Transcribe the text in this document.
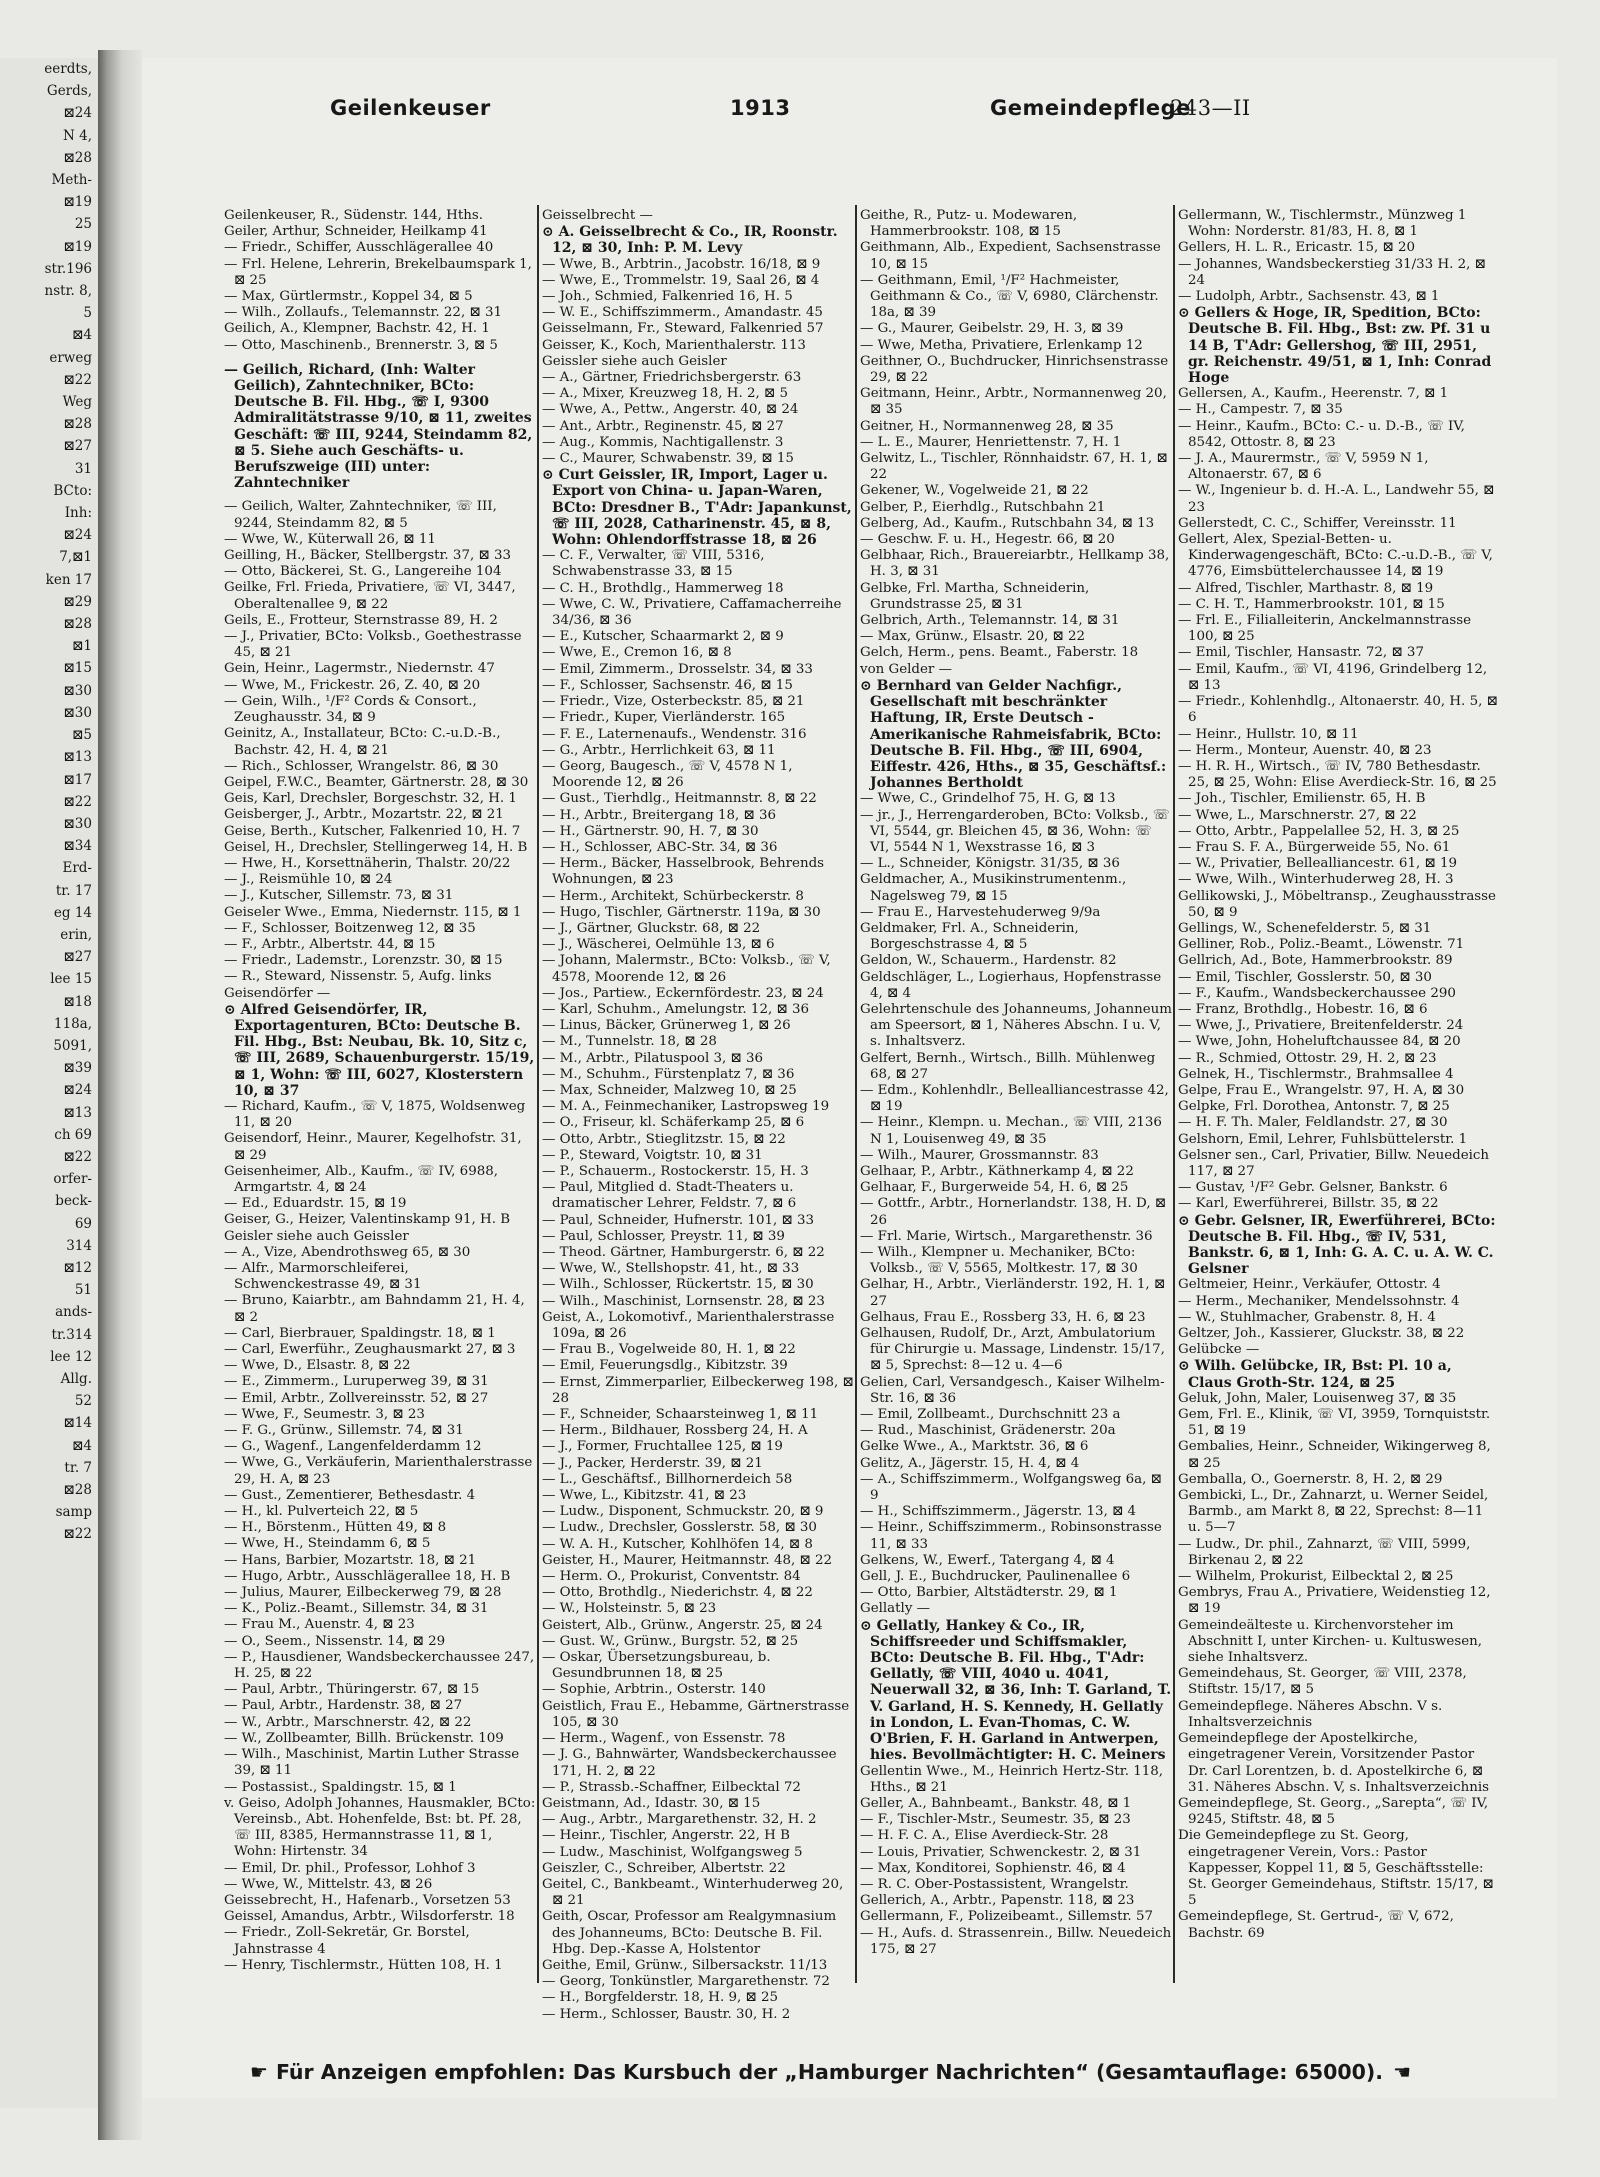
eerdts,
Gerds,
⊠24
N 4,
⊠28
Meth-
⊠19
25
⊠19
str.196
nstr. 8,
5
⊠4
erweg
⊠22
Weg
⊠28
⊠27
31
BCto:
Inh:
⊠24
7,⊠1
ken 17
⊠29
⊠28
⊠1
⊠15
⊠30
⊠30
⊠5
⊠13
⊠17
⊠22
⊠30
⊠34
Erd-
tr. 17
eg 14
erin,
⊠27
lee 15
⊠18
118a,
5091,
⊠39
⊠24
⊠13
ch 69
⊠22
orfer-
beck-
69
314
⊠12
51
ands-
tr.314
lee 12
Allg.
52
⊠14
⊠4
tr. 7
⊠28
samp
⊠22
Geilenkeuser	1913	Gemeindepflege
243—II
Geilenkeuser, R., Südenstr. 144, Hths.
Geiler, Arthur, Schneider, Heilkamp 41
— Friedr., Schiffer, Ausschlägerallee 40
— Frl. Helene, Lehrerin, Brekelbaumspark 1, ⊠ 25
— Max, Gürtlermstr., Koppel 34, ⊠ 5
— Wilh., Zollaufs., Telemannstr. 22, ⊠ 31
Geilich, A., Klempner, Bachstr. 42, H. 1
— Otto, Maschinenb., Brennerstr. 3, ⊠ 5
— Geilich, Richard, (Inh: Walter Geilich), Zahntechniker, BCto: Deutsche B. Fil. Hbg., ☏ I, 9300 Admiralitätstrasse 9/10, ⊠ 11, zweites Geschäft: ☏ III, 9244, Steindamm 82, ⊠ 5. Siehe auch Geschäfts- u. Berufszweige (III) unter: Zahntechniker
— Geilich, Walter, Zahntechniker, ☏ III, 9244, Steindamm 82, ⊠ 5
— Wwe, W., Küterwall 26, ⊠ 11
Geilling, H., Bäcker, Stellbergstr. 37, ⊠ 33
— Otto, Bäckerei, St. G., Langereihe 104
Geilke, Frl. Frieda, Privatiere, ☏ VI, 3447, Oberaltenallee 9, ⊠ 22
Geils, E., Frotteur, Sternstrasse 89, H. 2
— J., Privatier, BCto: Volksb., Goethestrasse 45, ⊠ 21
Gein, Heinr., Lagermstr., Niedernstr. 47
— Wwe, M., Frickestr. 26, Z. 40, ⊠ 20
— Gein, Wilh., ¹/F² Cords & Consort., Zeughausstr. 34, ⊠ 9
Geinitz, A., Installateur, BCto: C.-u.D.-B., Bachstr. 42, H. 4, ⊠ 21
— Rich., Schlosser, Wrangelstr. 86, ⊠ 30
Geipel, F.W.C., Beamter, Gärtnerstr. 28, ⊠ 30
Geis, Karl, Drechsler, Borgeschstr. 32, H. 1
Geisberger, J., Arbtr., Mozartstr. 22, ⊠ 21
Geise, Berth., Kutscher, Falkenried 10, H. 7
Geisel, H., Drechsler, Stellingerweg 14, H. B
— Hwe, H., Korsettnäherin, Thalstr. 20/22
— J., Reismühle 10, ⊠ 24
— J., Kutscher, Sillemstr. 73, ⊠ 31
Geiseler Wwe., Emma, Niedernstr. 115, ⊠ 1
— F., Schlosser, Boitzenweg 12, ⊠ 35
— F., Arbtr., Albertstr. 44, ⊠ 15
— Friedr., Lademstr., Lorenzstr. 30, ⊠ 15
— R., Steward, Nissenstr. 5, Aufg. links
Geisendörfer —
⊙ Alfred Geisendörfer, IR, Exportagenturen, BCto: Deutsche B. Fil. Hbg., Bst: Neubau, Bk. 10, Sitz c, ☏ III, 2689, Schauenburgerstr. 15/19, ⊠ 1, Wohn: ☏ III, 6027, Klosterstern 10, ⊠ 37
— Richard, Kaufm., ☏ V, 1875, Woldsenweg 11, ⊠ 20
Geisendorf, Heinr., Maurer, Kegelhofstr. 31, ⊠ 29
Geisenheimer, Alb., Kaufm., ☏ IV, 6988, Armgartstr. 4, ⊠ 24
— Ed., Eduardstr. 15, ⊠ 19
Geiser, G., Heizer, Valentinskamp 91, H. B
Geisler siehe auch Geissler
— A., Vize, Abendrothsweg 65, ⊠ 30
— Alfr., Marmorschleiferei, Schwenckestrasse 49, ⊠ 31
— Bruno, Kaiarbtr., am Bahndamm 21, H. 4, ⊠ 2
— Carl, Bierbrauer, Spaldingstr. 18, ⊠ 1
— Carl, Ewerführ., Zeughausmarkt 27, ⊠ 3
— Wwe, D., Elsastr. 8, ⊠ 22
— E., Zimmerm., Luruperweg 39, ⊠ 31
— Emil, Arbtr., Zollvereinsstr. 52, ⊠ 27
— Wwe, F., Seumestr. 3, ⊠ 23
— F. G., Grünw., Sillemstr. 74, ⊠ 31
— G., Wagenf., Langenfelderdamm 12
— Wwe, G., Verkäuferin, Marienthalerstrasse 29, H. A, ⊠ 23
— Gust., Zementierer, Bethesdastr. 4
— H., kl. Pulverteich 22, ⊠ 5
— H., Börstenm., Hütten 49, ⊠ 8
— Wwe, H., Steindamm 6, ⊠ 5
— Hans, Barbier, Mozartstr. 18, ⊠ 21
— Hugo, Arbtr., Ausschlägerallee 18, H. B
— Julius, Maurer, Eilbeckerweg 79, ⊠ 28
— K., Poliz.-Beamt., Sillemstr. 34, ⊠ 31
— Frau M., Auenstr. 4, ⊠ 23
— O., Seem., Nissenstr. 14, ⊠ 29
— P., Hausdiener, Wandsbeckerchaussee 247, H. 25, ⊠ 22
— Paul, Arbtr., Thüringerstr. 67, ⊠ 15
— Paul, Arbtr., Hardenstr. 38, ⊠ 27
— W., Arbtr., Marschnerstr. 42, ⊠ 22
— W., Zollbeamter, Billh. Brückenstr. 109
— Wilh., Maschinist, Martin Luther Strasse 39, ⊠ 11
— Postassist., Spaldingstr. 15, ⊠ 1
v. Geiso, Adolph Johannes, Hausmakler, BCto: Vereinsb., Abt. Hohenfelde, Bst: bt. Pf. 28, ☏ III, 8385, Hermannstrasse 11, ⊠ 1, Wohn: Hirtenstr. 34
— Emil, Dr. phil., Professor, Lohhof 3
— Wwe, W., Mittelstr. 43, ⊠ 26
Geissebrecht, H., Hafenarb., Vorsetzen 53
Geissel, Amandus, Arbtr., Wilsdorferstr. 18
— Friedr., Zoll-Sekretär, Gr. Borstel, Jahnstrasse 4
— Henry, Tischlermstr., Hütten 108, H. 1
Geisselbrecht —
⊙ A. Geisselbrecht & Co., IR, Roonstr. 12, ⊠ 30, Inh: P. M. Levy
— Wwe, B., Arbtrin., Jacobstr. 16/18, ⊠ 9
— Wwe, E., Trommelstr. 19, Saal 26, ⊠ 4
— Joh., Schmied, Falkenried 16, H. 5
— W. E., Schiffszimmerm., Amandastr. 45
Geisselmann, Fr., Steward, Falkenried 57
Geisser, K., Koch, Marienthalerstr. 113
Geissler siehe auch Geisler
— A., Gärtner, Friedrichsbergerstr. 63
— A., Mixer, Kreuzweg 18, H. 2, ⊠ 5
— Wwe, A., Pettw., Angerstr. 40, ⊠ 24
— Ant., Arbtr., Reginenstr. 45, ⊠ 27
— Aug., Kommis, Nachtigallenstr. 3
— C., Maurer, Schwabenstr. 39, ⊠ 15
⊙ Curt Geissler, IR, Import, Lager u. Export von China- u. Japan-Waren, BCto: Dresdner B., T'Adr: Japankunst, ☏ III, 2028, Catharinenstr. 45, ⊠ 8, Wohn: Ohlendorffstrasse 18, ⊠ 26
— C. F., Verwalter, ☏ VIII, 5316, Schwabenstrasse 33, ⊠ 15
— C. H., Brothdlg., Hammerweg 18
— Wwe, C. W., Privatiere, Caffamacherreihe 34/36, ⊠ 36
— E., Kutscher, Schaarmarkt 2, ⊠ 9
— Wwe, E., Cremon 16, ⊠ 8
— Emil, Zimmerm., Drosselstr. 34, ⊠ 33
— F., Schlosser, Sachsenstr. 46, ⊠ 15
— Friedr., Vize, Osterbeckstr. 85, ⊠ 21
— Friedr., Kuper, Vierländerstr. 165
— F. E., Laternenaufs., Wendenstr. 316
— G., Arbtr., Herrlichkeit 63, ⊠ 11
— Georg, Baugesch., ☏ V, 4578 N 1, Moorende 12, ⊠ 26
— Gust., Tierhdlg., Heitmannstr. 8, ⊠ 22
— H., Arbtr., Breitergang 18, ⊠ 36
— H., Gärtnerstr. 90, H. 7, ⊠ 30
— H., Schlosser, ABC-Str. 34, ⊠ 36
— Herm., Bäcker, Hasselbrook, Behrends Wohnungen, ⊠ 23
— Herm., Architekt, Schürbeckerstr. 8
— Hugo, Tischler, Gärtnerstr. 119a, ⊠ 30
— J., Gärtner, Gluckstr. 68, ⊠ 22
— J., Wäscherei, Oelmühle 13, ⊠ 6
— Johann, Malermstr., BCto: Volksb., ☏ V, 4578, Moorende 12, ⊠ 26
— Jos., Partiew., Eckernfördestr. 23, ⊠ 24
— Karl, Schuhm., Amelungstr. 12, ⊠ 36
— Linus, Bäcker, Grünerweg 1, ⊠ 26
— M., Tunnelstr. 18, ⊠ 28
— M., Arbtr., Pilatuspool 3, ⊠ 36
— M., Schuhm., Fürstenplatz 7, ⊠ 36
— Max, Schneider, Malzweg 10, ⊠ 25
— M. A., Feinmechaniker, Lastropsweg 19
— O., Friseur, kl. Schäferkamp 25, ⊠ 6
— Otto, Arbtr., Stieglitzstr. 15, ⊠ 22
— P., Steward, Voigtstr. 10, ⊠ 31
— P., Schauerm., Rostockerstr. 15, H. 3
— Paul, Mitglied d. Stadt-Theaters u. dramatischer Lehrer, Feldstr. 7, ⊠ 6
— Paul, Schneider, Hufnerstr. 101, ⊠ 33
— Paul, Schlosser, Preystr. 11, ⊠ 39
— Theod. Gärtner, Hamburgerstr. 6, ⊠ 22
— Wwe, W., Stellshopstr. 41, ht., ⊠ 33
— Wilh., Schlosser, Rückertstr. 15, ⊠ 30
— Wilh., Maschinist, Lornsenstr. 28, ⊠ 23
Geist, A., Lokomotivf., Marienthalerstrasse 109a, ⊠ 26
— Frau B., Vogelweide 80, H. 1, ⊠ 22
— Emil, Feuerungsdlg., Kibitzstr. 39
— Ernst, Zimmerparlier, Eilbeckerweg 198, ⊠ 28
— F., Schneider, Schaarsteinweg 1, ⊠ 11
— Herm., Bildhauer, Rossberg 24, H. A
— J., Former, Fruchtallee 125, ⊠ 19
— J., Packer, Herderstr. 39, ⊠ 21
— L., Geschäftsf., Billhornerdeich 58
— Wwe, L., Kibitzstr. 41, ⊠ 23
— Ludw., Disponent, Schmuckstr. 20, ⊠ 9
— Ludw., Drechsler, Gosslerstr. 58, ⊠ 30
— W. A. H., Kutscher, Kohlhöfen 14, ⊠ 8
Geister, H., Maurer, Heitmannstr. 48, ⊠ 22
— Herm. O., Prokurist, Conventstr. 84
— Otto, Brothdlg., Niederichstr. 4, ⊠ 22
— W., Holsteinstr. 5, ⊠ 23
Geistert, Alb., Grünw., Angerstr. 25, ⊠ 24
— Gust. W., Grünw., Burgstr. 52, ⊠ 25
— Oskar, Übersetzungsbureau, b. Gesundbrunnen 18, ⊠ 25
— Sophie, Arbtrin., Osterstr. 140
Geistlich, Frau E., Hebamme, Gärtnerstrasse 105, ⊠ 30
— Herm., Wagenf., von Essenstr. 78
— J. G., Bahnwärter, Wandsbeckerchaussee 171, H. 2, ⊠ 22
— P., Strassb.-Schaffner, Eilbecktal 72
Geistmann, Ad., Idastr. 30, ⊠ 15
— Aug., Arbtr., Margarethenstr. 32, H. 2
— Heinr., Tischler, Angerstr. 22, H B
— Ludw., Maschinist, Wolfgangsweg 5
Geiszler, C., Schreiber, Albertstr. 22
Geitel, C., Bankbeamt., Winterhuderweg 20, ⊠ 21
Geith, Oscar, Professor am Realgymnasium des Johanneums, BCto: Deutsche B. Fil. Hbg. Dep.-Kasse A, Holstentor
Geithe, Emil, Grünw., Silbersackstr. 11/13
— Georg, Tonkünstler, Margarethenstr. 72
— H., Borgfelderstr. 18, H. 9, ⊠ 25
— Herm., Schlosser, Baustr. 30, H. 2
Geithe, R., Putz- u. Modewaren, Hammerbrookstr. 108, ⊠ 15
Geithmann, Alb., Expedient, Sachsenstrasse 10, ⊠ 15
— Geithmann, Emil, ¹/F² Hachmeister, Geithmann & Co., ☏ V, 6980, Clärchenstr. 18a, ⊠ 39
— G., Maurer, Geibelstr. 29, H. 3, ⊠ 39
— Wwe, Metha, Privatiere, Erlenkamp 12
Geithner, O., Buchdrucker, Hinrichsenstrasse 29, ⊠ 22
Geitmann, Heinr., Arbtr., Normannenweg 20, ⊠ 35
Geitner, H., Normannenweg 28, ⊠ 35
— L. E., Maurer, Henriettenstr. 7, H. 1
Gelwitz, L., Tischler, Rönnhaidstr. 67, H. 1, ⊠ 22
Gekener, W., Vogelweide 21, ⊠ 22
Gelber, P., Eierhdlg., Rutschbahn 21
Gelberg, Ad., Kaufm., Rutschbahn 34, ⊠ 13
— Geschw. F. u. H., Hegestr. 66, ⊠ 20
Gelbhaar, Rich., Brauereiarbtr., Hellkamp 38, H. 3, ⊠ 31
Gelbke, Frl. Martha, Schneiderin, Grundstrasse 25, ⊠ 31
Gelbrich, Arth., Telemannstr. 14, ⊠ 31
— Max, Grünw., Elsastr. 20, ⊠ 22
Gelch, Herm., pens. Beamt., Faberstr. 18
von Gelder —
⊙ Bernhard van Gelder Nachfigr., Gesellschaft mit beschränkter Haftung, IR, Erste Deutsch - Amerikanische Rahmeisfabrik, BCto: Deutsche B. Fil. Hbg., ☏ III, 6904, Eiffestr. 426, Hths., ⊠ 35, Geschäftsf.: Johannes Bertholdt
— Wwe, C., Grindelhof 75, H. G, ⊠ 13
— jr., J., Herrengarderoben, BCto: Volksb., ☏ VI, 5544, gr. Bleichen 45, ⊠ 36, Wohn: ☏ VI, 5544 N 1, Wexstrasse 16, ⊠ 3
— L., Schneider, Königstr. 31/35, ⊠ 36
Geldmacher, A., Musikinstrumentenm., Nagelsweg 79, ⊠ 15
— Frau E., Harvestehuderweg 9/9a
Geldmaker, Frl. A., Schneiderin, Borgeschstrasse 4, ⊠ 5
Geldon, W., Schauerm., Hardenstr. 82
Geldschläger, L., Logierhaus, Hopfenstrasse 4, ⊠ 4
Gelehrtenschule des Johanneums, Johanneum am Speersort, ⊠ 1, Näheres Abschn. I u. V, s. Inhaltsverz.
Gelfert, Bernh., Wirtsch., Billh. Mühlenweg 68, ⊠ 27
— Edm., Kohlenhdlr., Belleallianсestrasse 42, ⊠ 19
— Heinr., Klempn. u. Mechan., ☏ VIII, 2136 N 1, Louisenweg 49, ⊠ 35
— Wilh., Maurer, Grossmannstr. 83
Gelhaar, P., Arbtr., Käthnerkamp 4, ⊠ 22
Gelhaar, F., Burgerweide 54, H. 6, ⊠ 25
— Gottfr., Arbtr., Hornerlandstr. 138, H. D, ⊠ 26
— Frl. Marie, Wirtsch., Margarethenstr. 36
— Wilh., Klempner u. Mechaniker, BCto: Volksb., ☏ V, 5565, Moltkestr. 17, ⊠ 30
Gelhar, H., Arbtr., Vierländerstr. 192, H. 1, ⊠ 27
Gelhaus, Frau E., Rossberg 33, H. 6, ⊠ 23
Gelhausen, Rudolf, Dr., Arzt, Ambulatorium für Chirurgie u. Massage, Lindenstr. 15/17, ⊠ 5, Sprechst: 8—12 u. 4—6
Gelien, Carl, Versandgesch., Kaiser Wilhelm-Str. 16, ⊠ 36
— Emil, Zollbeamt., Durchschnitt 23 a
— Rud., Maschinist, Grädenerstr. 20a
Gelke Wwe., A., Marktstr. 36, ⊠ 6
Gelitz, A., Jägerstr. 15, H. 4, ⊠ 4
— A., Schiffszimmerm., Wolfgangsweg 6a, ⊠ 9
— H., Schiffszimmerm., Jägerstr. 13, ⊠ 4
— Heinr., Schiffszimmerm., Robinsonstrasse 11, ⊠ 33
Gelkens, W., Ewerf., Tatergang 4, ⊠ 4
Gell, J. E., Buchdrucker, Paulinenallee 6
— Otto, Barbier, Altstädterstr. 29, ⊠ 1
Gellatly —
⊙ Gellatly, Hankey & Co., IR, Schiffsreeder und Schiffsmakler, BCto: Deutsche B. Fil. Hbg., T'Adr: Gellatly, ☏ VIII, 4040 u. 4041, Neuerwall 32, ⊠ 36, Inh: T. Garland, T. V. Garland, H. S. Kennedy, H. Gellatly in London, L. Evan-Thomas, C. W. O'Brien, F. H. Garland in Antwerpen, hies. Bevollmächtigter: H. C. Meiners
Gellentin Wwe., M., Heinrich Hertz-Str. 118, Hths., ⊠ 21
Geller, A., Bahnbeamt., Bankstr. 48, ⊠ 1
— F., Tischler-Mstr., Seumestr. 35, ⊠ 23
— H. F. C. A., Elise Averdieck-Str. 28
— Louis, Privatier, Schwenckestr. 2, ⊠ 31
— Max, Konditorei, Sophienstr. 46, ⊠ 4
— R. C. Ober-Postassistent, Wrangelstr.
Gellerich, A., Arbtr., Papenstr. 118, ⊠ 23
Gellermann, F., Polizeibeamt., Sillemstr. 57
— H., Aufs. d. Strassenrein., Billw. Neuedeich 175, ⊠ 27
Gellermann, W., Tischlermstr., Münzweg 1 Wohn: Norderstr. 81/83, H. 8, ⊠ 1
Gellers, H. L. R., Ericastr. 15, ⊠ 20
— Johannes, Wandsbeckerstieg 31/33 H. 2, ⊠ 24
— Ludolph, Arbtr., Sachsenstr. 43, ⊠ 1
⊙ Gellers & Hoge, IR, Spedition, BCto: Deutsche B. Fil. Hbg., Bst: zw. Pf. 31 u 14 B, T'Adr: Gellershog, ☏ III, 2951, gr. Reichenstr. 49/51, ⊠ 1, Inh: Conrad Hoge
Gellersen, A., Kaufm., Heerenstr. 7, ⊠ 1
— H., Campestr. 7, ⊠ 35
— Heinr., Kaufm., BCto: C.- u. D.-B., ☏ IV, 8542, Ottostr. 8, ⊠ 23
— J. A., Maurermstr., ☏ V, 5959 N 1, Altonaerstr. 67, ⊠ 6
— W., Ingenieur b. d. H.-A. L., Landwehr 55, ⊠ 23
Gellerstedt, C. C., Schiffer, Vereinsstr. 11
Gellert, Alex, Spezial-Betten- u. Kinderwagengeschäft, BCto: C.-u.D.-B., ☏ V, 4776, Eimsbüttelerchaussee 14, ⊠ 19
— Alfred, Tischler, Marthastr. 8, ⊠ 19
— C. H. T., Hammerbrookstr. 101, ⊠ 15
— Frl. E., Filialleiterin, Anckelmannstrasse 100, ⊠ 25
— Emil, Tischler, Hansastr. 72, ⊠ 37
— Emil, Kaufm., ☏ VI, 4196, Grindelberg 12, ⊠ 13
— Friedr., Kohlenhdlg., Altonaerstr. 40, H. 5, ⊠ 6
— Heinr., Hullstr. 10, ⊠ 11
— Herm., Monteur, Auenstr. 40, ⊠ 23
— H. R. H., Wirtsch., ☏ IV, 780 Bethesdastr. 25, ⊠ 25, Wohn: Elise Averdieck-Str. 16, ⊠ 25
— Joh., Tischler, Emilienstr. 65, H. B
— Wwe, L., Marschnerstr. 27, ⊠ 22
— Otto, Arbtr., Pappelallee 52, H. 3, ⊠ 25
— Frau S. F. A., Bürgerweide 55, No. 61
— W., Privatier, Bellealliancestr. 61, ⊠ 19
— Wwe, Wilh., Winterhuderweg 28, H. 3
Gellikowski, J., Möbeltransp., Zeughausstrasse 50, ⊠ 9
Gellings, W., Schenefelderstr. 5, ⊠ 31
Gelliner, Rob., Poliz.-Beamt., Löwenstr. 71
Gellrich, Ad., Bote, Hammerbrookstr. 89
— Emil, Tischler, Gosslerstr. 50, ⊠ 30
— F., Kaufm., Wandsbeckerchaussee 290
— Franz, Brothdlg., Hobestr. 16, ⊠ 6
— Wwe, J., Privatiere, Breitenfelderstr. 24
— Wwe, John, Hoheluftchaussee 84, ⊠ 20
— R., Schmied, Ottostr. 29, H. 2, ⊠ 23
Gelnek, H., Tischlermstr., Brahmsallee 4
Gelpe, Frau E., Wrangelstr. 97, H. A, ⊠ 30
Gelpke, Frl. Dorothea, Antonstr. 7, ⊠ 25
— H. F. Th. Maler, Feldlandstr. 27, ⊠ 30
Gelshorn, Emil, Lehrer, Fuhlsbüttelerstr. 1
Gelsner sen., Carl, Privatier, Billw. Neuedeich 117, ⊠ 27
— Gustav, ¹/F² Gebr. Gelsner, Bankstr. 6
— Karl, Ewerführerei, Billstr. 35, ⊠ 22
⊙ Gebr. Gelsner, IR, Ewerführerei, BCto: Deutsche B. Fil. Hbg., ☏ IV, 531, Bankstr. 6, ⊠ 1, Inh: G. A. C. u. A. W. C. Gelsner
Geltmeier, Heinr., Verkäufer, Ottostr. 4
— Herm., Mechaniker, Mendelssohnstr. 4
— W., Stuhlmacher, Grabenstr. 8, H. 4
Geltzer, Joh., Kassierer, Gluckstr. 38, ⊠ 22
Gelübcke —
⊙ Wilh. Gelübcke, IR, Bst: Pl. 10 a, Claus Groth-Str. 124, ⊠ 25
Geluk, John, Maler, Louisenweg 37, ⊠ 35
Gem, Frl. E., Klinik, ☏ VI, 3959, Tornquiststr. 51, ⊠ 19
Gembalies, Heinr., Schneider, Wikingerweg 8, ⊠ 25
Gemballa, O., Goernerstr. 8, H. 2, ⊠ 29
Gembicki, L., Dr., Zahnarzt, u. Werner Seidel, Barmb., am Markt 8, ⊠ 22, Sprechst: 8—11 u. 5—7
— Ludw., Dr. phil., Zahnarzt, ☏ VIII, 5999, Birkenau 2, ⊠ 22
— Wilhelm, Prokurist, Eilbecktal 2, ⊠ 25
Gembrys, Frau A., Privatiere, Weidenstieg 12, ⊠ 19
Gemeindeälteste u. Kirchenvorsteher im Abschnitt I, unter Kirchen- u. Kultuswesen, siehe Inhaltsverz.
Gemeindehaus, St. Georger, ☏ VIII, 2378, Stiftstr. 15/17, ⊠ 5
Gemeindepflege. Näheres Abschn. V s. Inhaltsverzeichnis
Gemeindepflege der Apostelkirche, eingetragener Verein, Vorsitzender Pastor Dr. Carl Lorentzen, b. d. Apostelkirche 6, ⊠ 31. Näheres Abschn. V, s. Inhaltsverzeichnis
Gemeindepflege, St. Georg., „Sarepta“, ☏ IV, 9245, Stiftstr. 48, ⊠ 5
Die Gemeindepflege zu St. Georg, eingetragener Verein, Vors.: Pastor Kappesser, Koppel 11, ⊠ 5, Geschäftsstelle: St. Georger Gemeindehaus, Stiftstr. 15/17, ⊠ 5
Gemeindepflege, St. Gertrud-, ☏ V, 672, Bachstr. 69
☛ Für Anzeigen empfohlen: Das Kursbuch der „Hamburger Nachrichten“ (Gesamtauflage: 65000). ☚
